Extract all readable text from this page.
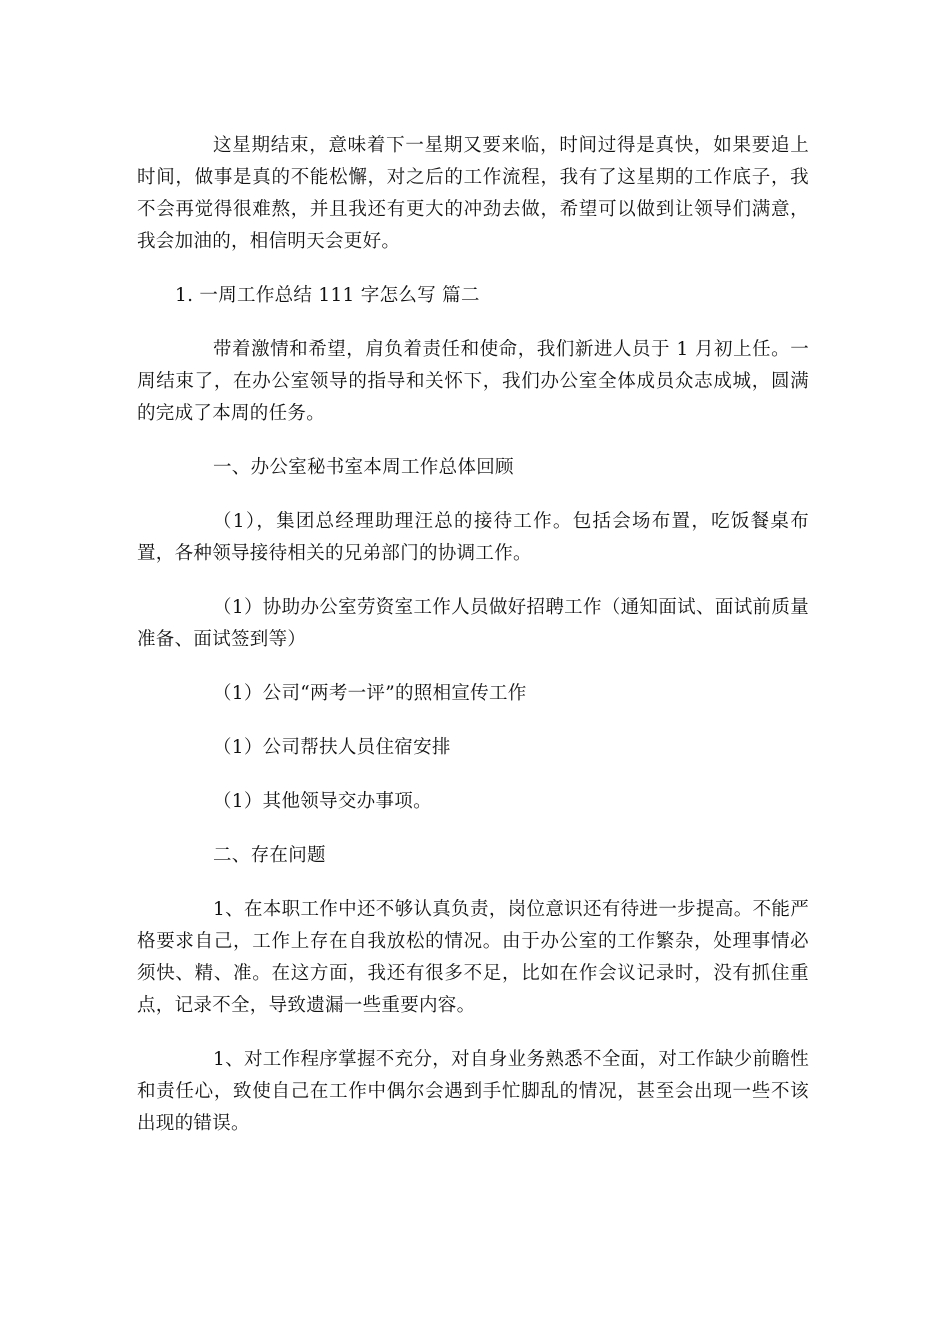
这星期结束，意味着下一星期又要来临，时间过得是真快，如果要追上时间，做事是真的不能松懈，对之后的工作流程，我有了这星期的工作底子，我不会再觉得很难熬，并且我还有更大的冲劲去做，希望可以做到让领导们满意，我会加油的，相信明天会更好。

1. 一周工作总结 111 字怎么写 篇二

带着激情和希望，肩负着责任和使命，我们新进人员于 1 月初上任。一周结束了，在办公室领导的指导和关怀下，我们办公室全体成员众志成城，圆满的完成了本周的任务。

一、办公室秘书室本周工作总体回顾

（1），集团总经理助理汪总的接待工作。包括会场布置，吃饭餐桌布置，各种领导接待相关的兄弟部门的协调工作。

（1）协助办公室劳资室工作人员做好招聘工作（通知面试、面试前质量准备、面试签到等）

（1）公司“两考一评”的照相宣传工作

（1）公司帮扶人员住宿安排

（1）其他领导交办事项。

二、存在问题

1、在本职工作中还不够认真负责，岗位意识还有待进一步提高。不能严格要求自己，工作上存在自我放松的情况。由于办公室的工作繁杂，处理事情必须快、精、准。在这方面，我还有很多不足，比如在作会议记录时，没有抓住重点，记录不全，导致遗漏一些重要内容。

1、对工作程序掌握不充分，对自身业务熟悉不全面，对工作缺少前瞻性和责任心，致使自己在工作中偶尔会遇到手忙脚乱的情况，甚至会出现一些不该出现的错误。
